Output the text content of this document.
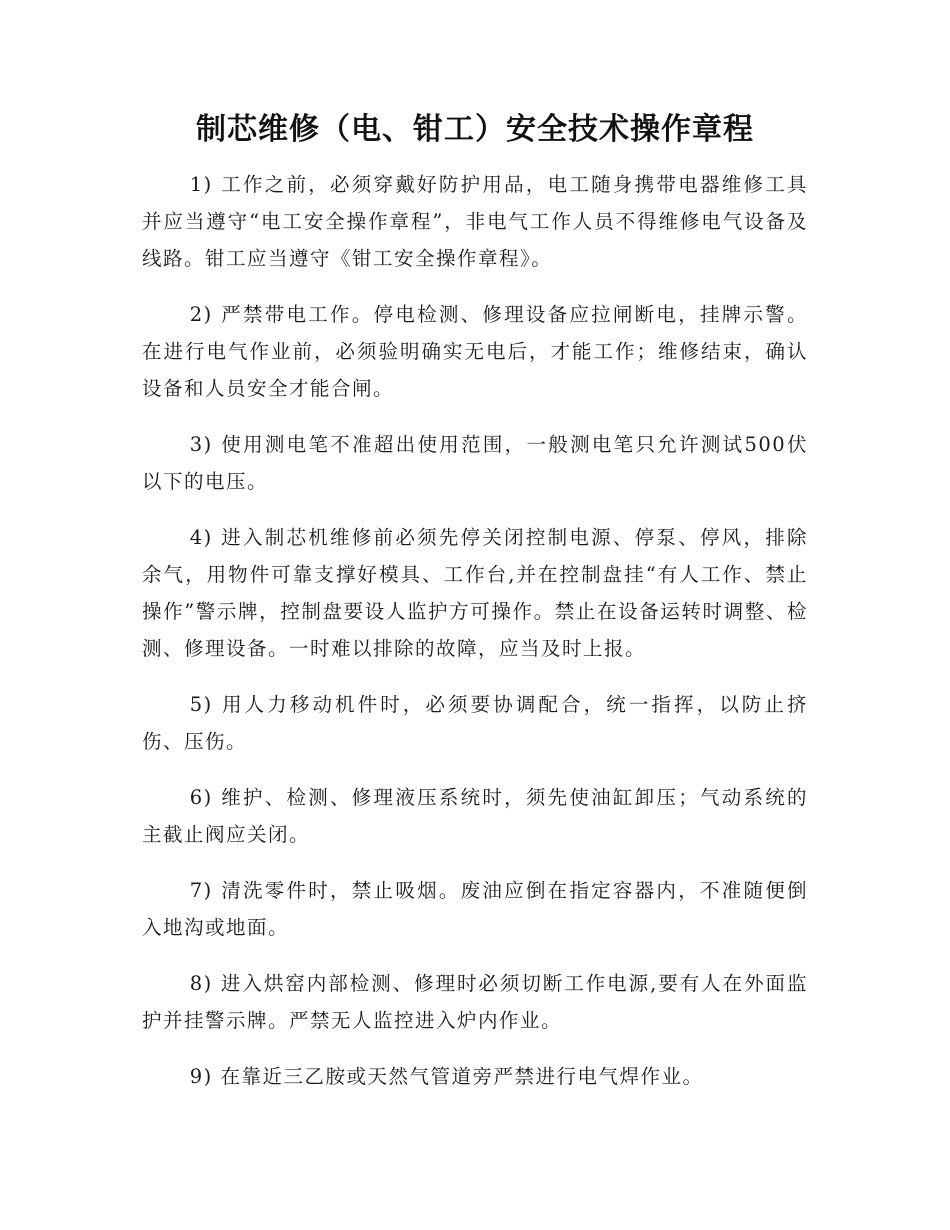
制芯维修（电、钳工）安全技术操作章程

1) 工作之前，必须穿戴好防护用品，电工随身携带电器维修工具并应当遵守“电工安全操作章程”，非电气工作人员不得维修电气设备及线路。钳工应当遵守《钳工安全操作章程》。

2) 严禁带电工作。停电检测、修理设备应拉闸断电，挂牌示警。在进行电气作业前，必须验明确实无电后，才能工作；维修结束，确认设备和人员安全才能合闸。

3) 使用测电笔不准超出使用范围，一般测电笔只允许测试500伏以下的电压。

4) 进入制芯机维修前必须先停关闭控制电源、停泵、停风，排除余气，用物件可靠支撑好模具、工作台,并在控制盘挂“有人工作、禁止操作”警示牌，控制盘要设人监护方可操作。禁止在设备运转时调整、检测、修理设备。一时难以排除的故障，应当及时上报。

5) 用人力移动机件时，必须要协调配合，统一指挥，以防止挤伤、压伤。

6) 维护、检测、修理液压系统时，须先使油缸卸压；气动系统的主截止阀应关闭。

7) 清洗零件时，禁止吸烟。废油应倒在指定容器内，不准随便倒入地沟或地面。

8) 进入烘窑内部检测、修理时必须切断工作电源,要有人在外面监护并挂警示牌。严禁无人监控进入炉内作业。

9) 在靠近三乙胺或天然气管道旁严禁进行电气焊作业。
